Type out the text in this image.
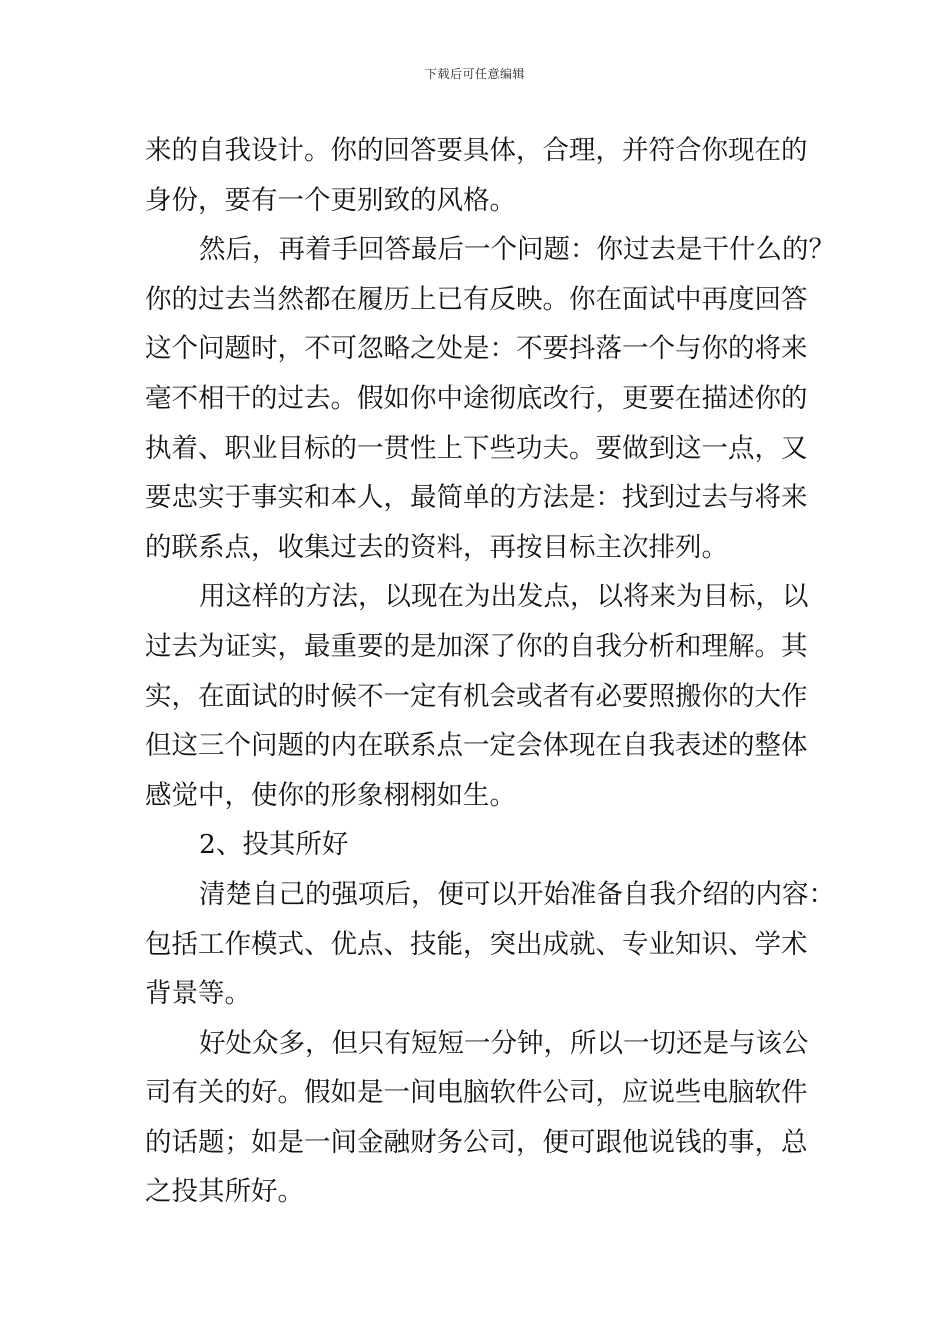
下载后可任意编辑
来的自我设计。你的回答要具体，合理，并符合你现在的
身份，要有一个更别致的风格。
然后，再着手回答最后一个问题：你过去是干什么的？
你的过去当然都在履历上已有反映。你在面试中再度回答
这个问题时，不可忽略之处是：不要抖落一个与你的将来
毫不相干的过去。假如你中途彻底改行，更要在描述你的
执着、职业目标的一贯性上下些功夫。要做到这一点，又
要忠实于事实和本人，最简单的方法是：找到过去与将来
的联系点，收集过去的资料，再按目标主次排列。
用这样的方法，以现在为出发点，以将来为目标，以
过去为证实，最重要的是加深了你的自我分析和理解。其
实，在面试的时候不一定有机会或者有必要照搬你的大作
但这三个问题的内在联系点一定会体现在自我表述的整体
感觉中，使你的形象栩栩如生。
2、投其所好
清楚自己的强项后，便可以开始准备自我介绍的内容：
包括工作模式、优点、技能，突出成就、专业知识、学术
背景等。
好处众多，但只有短短一分钟，所以一切还是与该公
司有关的好。假如是一间电脑软件公司，应说些电脑软件
的话题；如是一间金融财务公司，便可跟他说钱的事，总
之投其所好。
